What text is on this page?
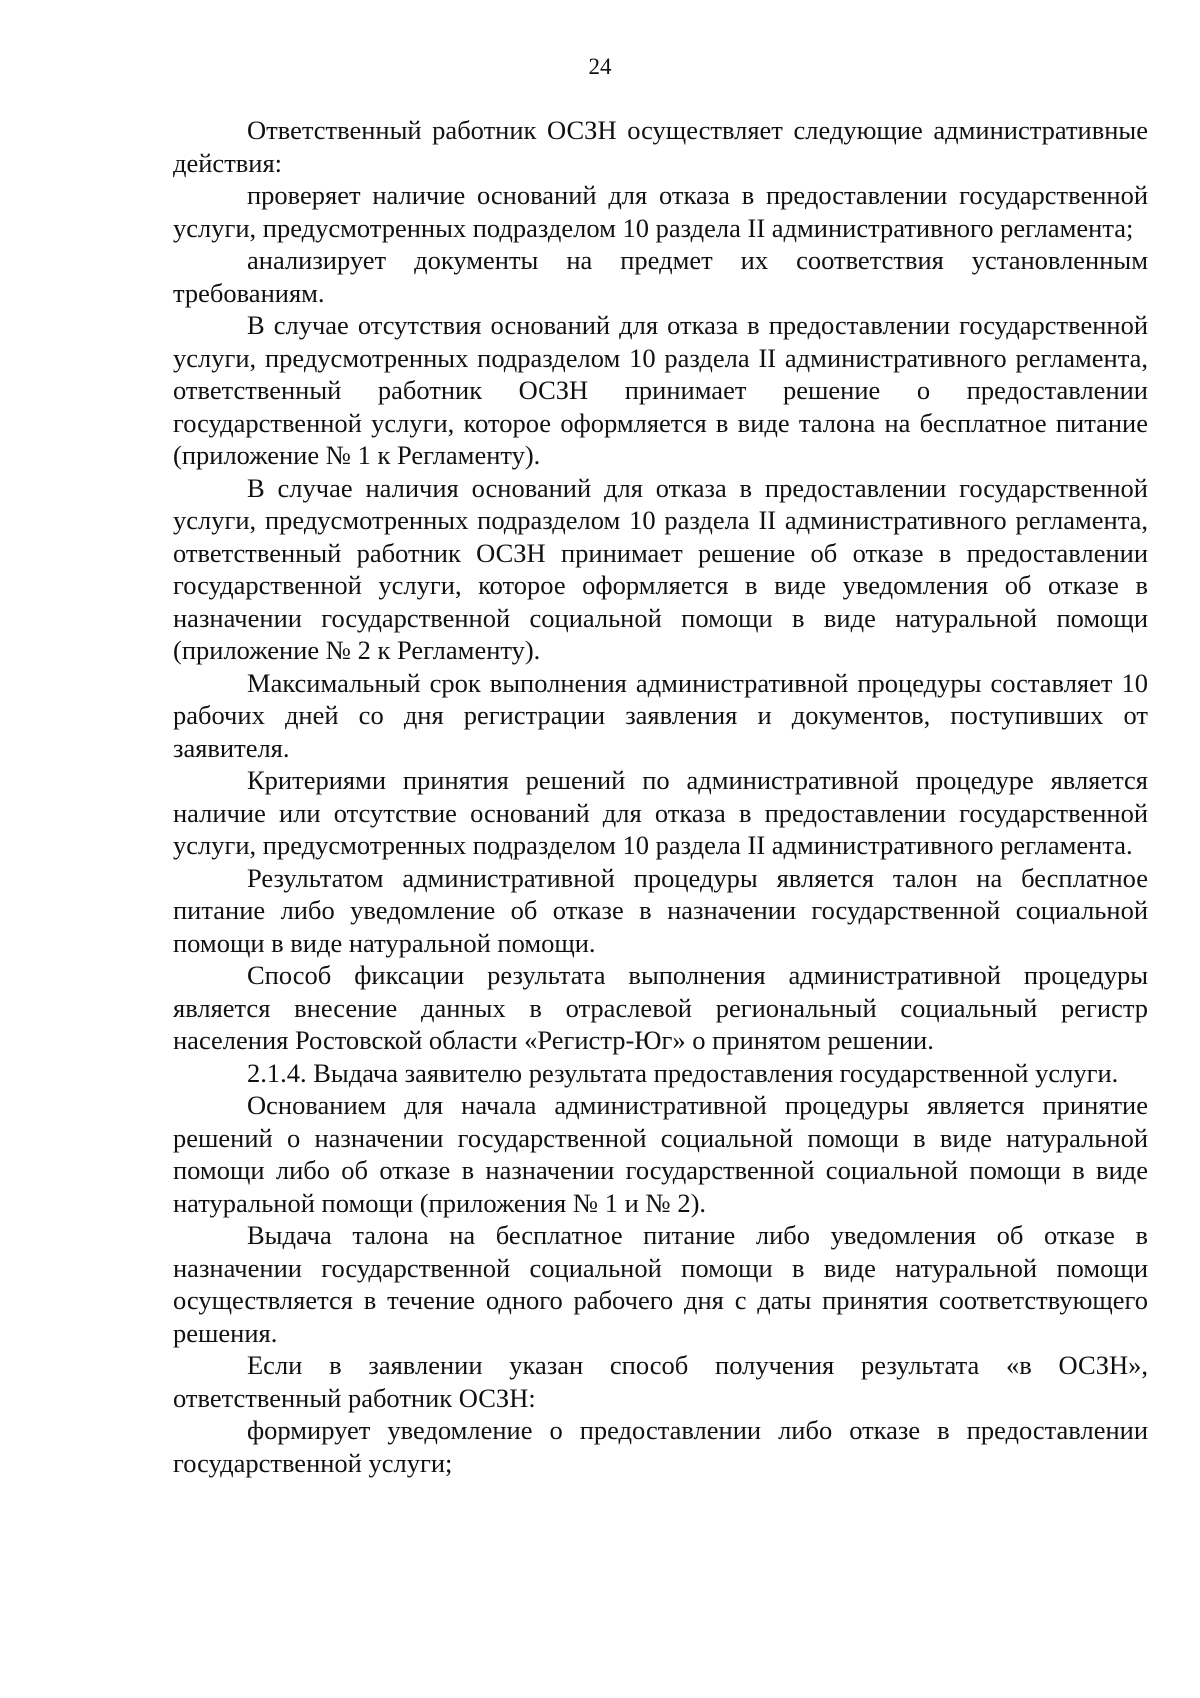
24

Ответственный работник ОСЗН осуществляет следующие административные действия:

проверяет наличие оснований для отказа в предоставлении государственной услуги, предусмотренных подразделом 10 раздела II административного регламента;

анализирует документы на предмет их соответствия установленным требованиям.

В случае отсутствия оснований для отказа в предоставлении государственной услуги, предусмотренных подразделом 10 раздела II административного регламента, ответственный работник ОСЗН принимает решение о предоставлении государственной услуги, которое оформляется в виде талона на бесплатное питание (приложение № 1 к Регламенту).

В случае наличия оснований для отказа в предоставлении государственной услуги, предусмотренных подразделом 10 раздела II административного регламента, ответственный работник ОСЗН принимает решение об отказе в предоставлении государственной услуги, которое оформляется в виде уведомления об отказе в назначении государственной социальной помощи в виде натуральной помощи (приложение № 2 к Регламенту).

Максимальный срок выполнения административной процедуры составляет 10 рабочих дней со дня регистрации заявления и документов, поступивших от заявителя.

Критериями принятия решений по административной процедуре является наличие или отсутствие оснований для отказа в предоставлении государственной услуги, предусмотренных подразделом 10 раздела II административного регламента.

Результатом административной процедуры является талон на бесплатное питание либо уведомление об отказе в назначении государственной социальной помощи в виде натуральной помощи.

Способ фиксации результата выполнения административной процедуры является внесение данных в отраслевой региональный социальный регистр населения Ростовской области «Регистр-Юг» о принятом решении.

2.1.4. Выдача заявителю результата предоставления государственной услуги.

Основанием для начала административной процедуры является принятие решений о назначении государственной социальной помощи в виде натуральной помощи либо об отказе в назначении государственной социальной помощи в виде натуральной помощи (приложения № 1 и № 2).

Выдача талона на бесплатное питание либо уведомления об отказе в назначении государственной социальной помощи в виде натуральной помощи осуществляется в течение одного рабочего дня с даты принятия соответствующего решения.

Если в заявлении указан способ получения результата «в ОСЗН», ответственный работник ОСЗН:

формирует уведомление о предоставлении либо отказе в предоставлении государственной услуги;
